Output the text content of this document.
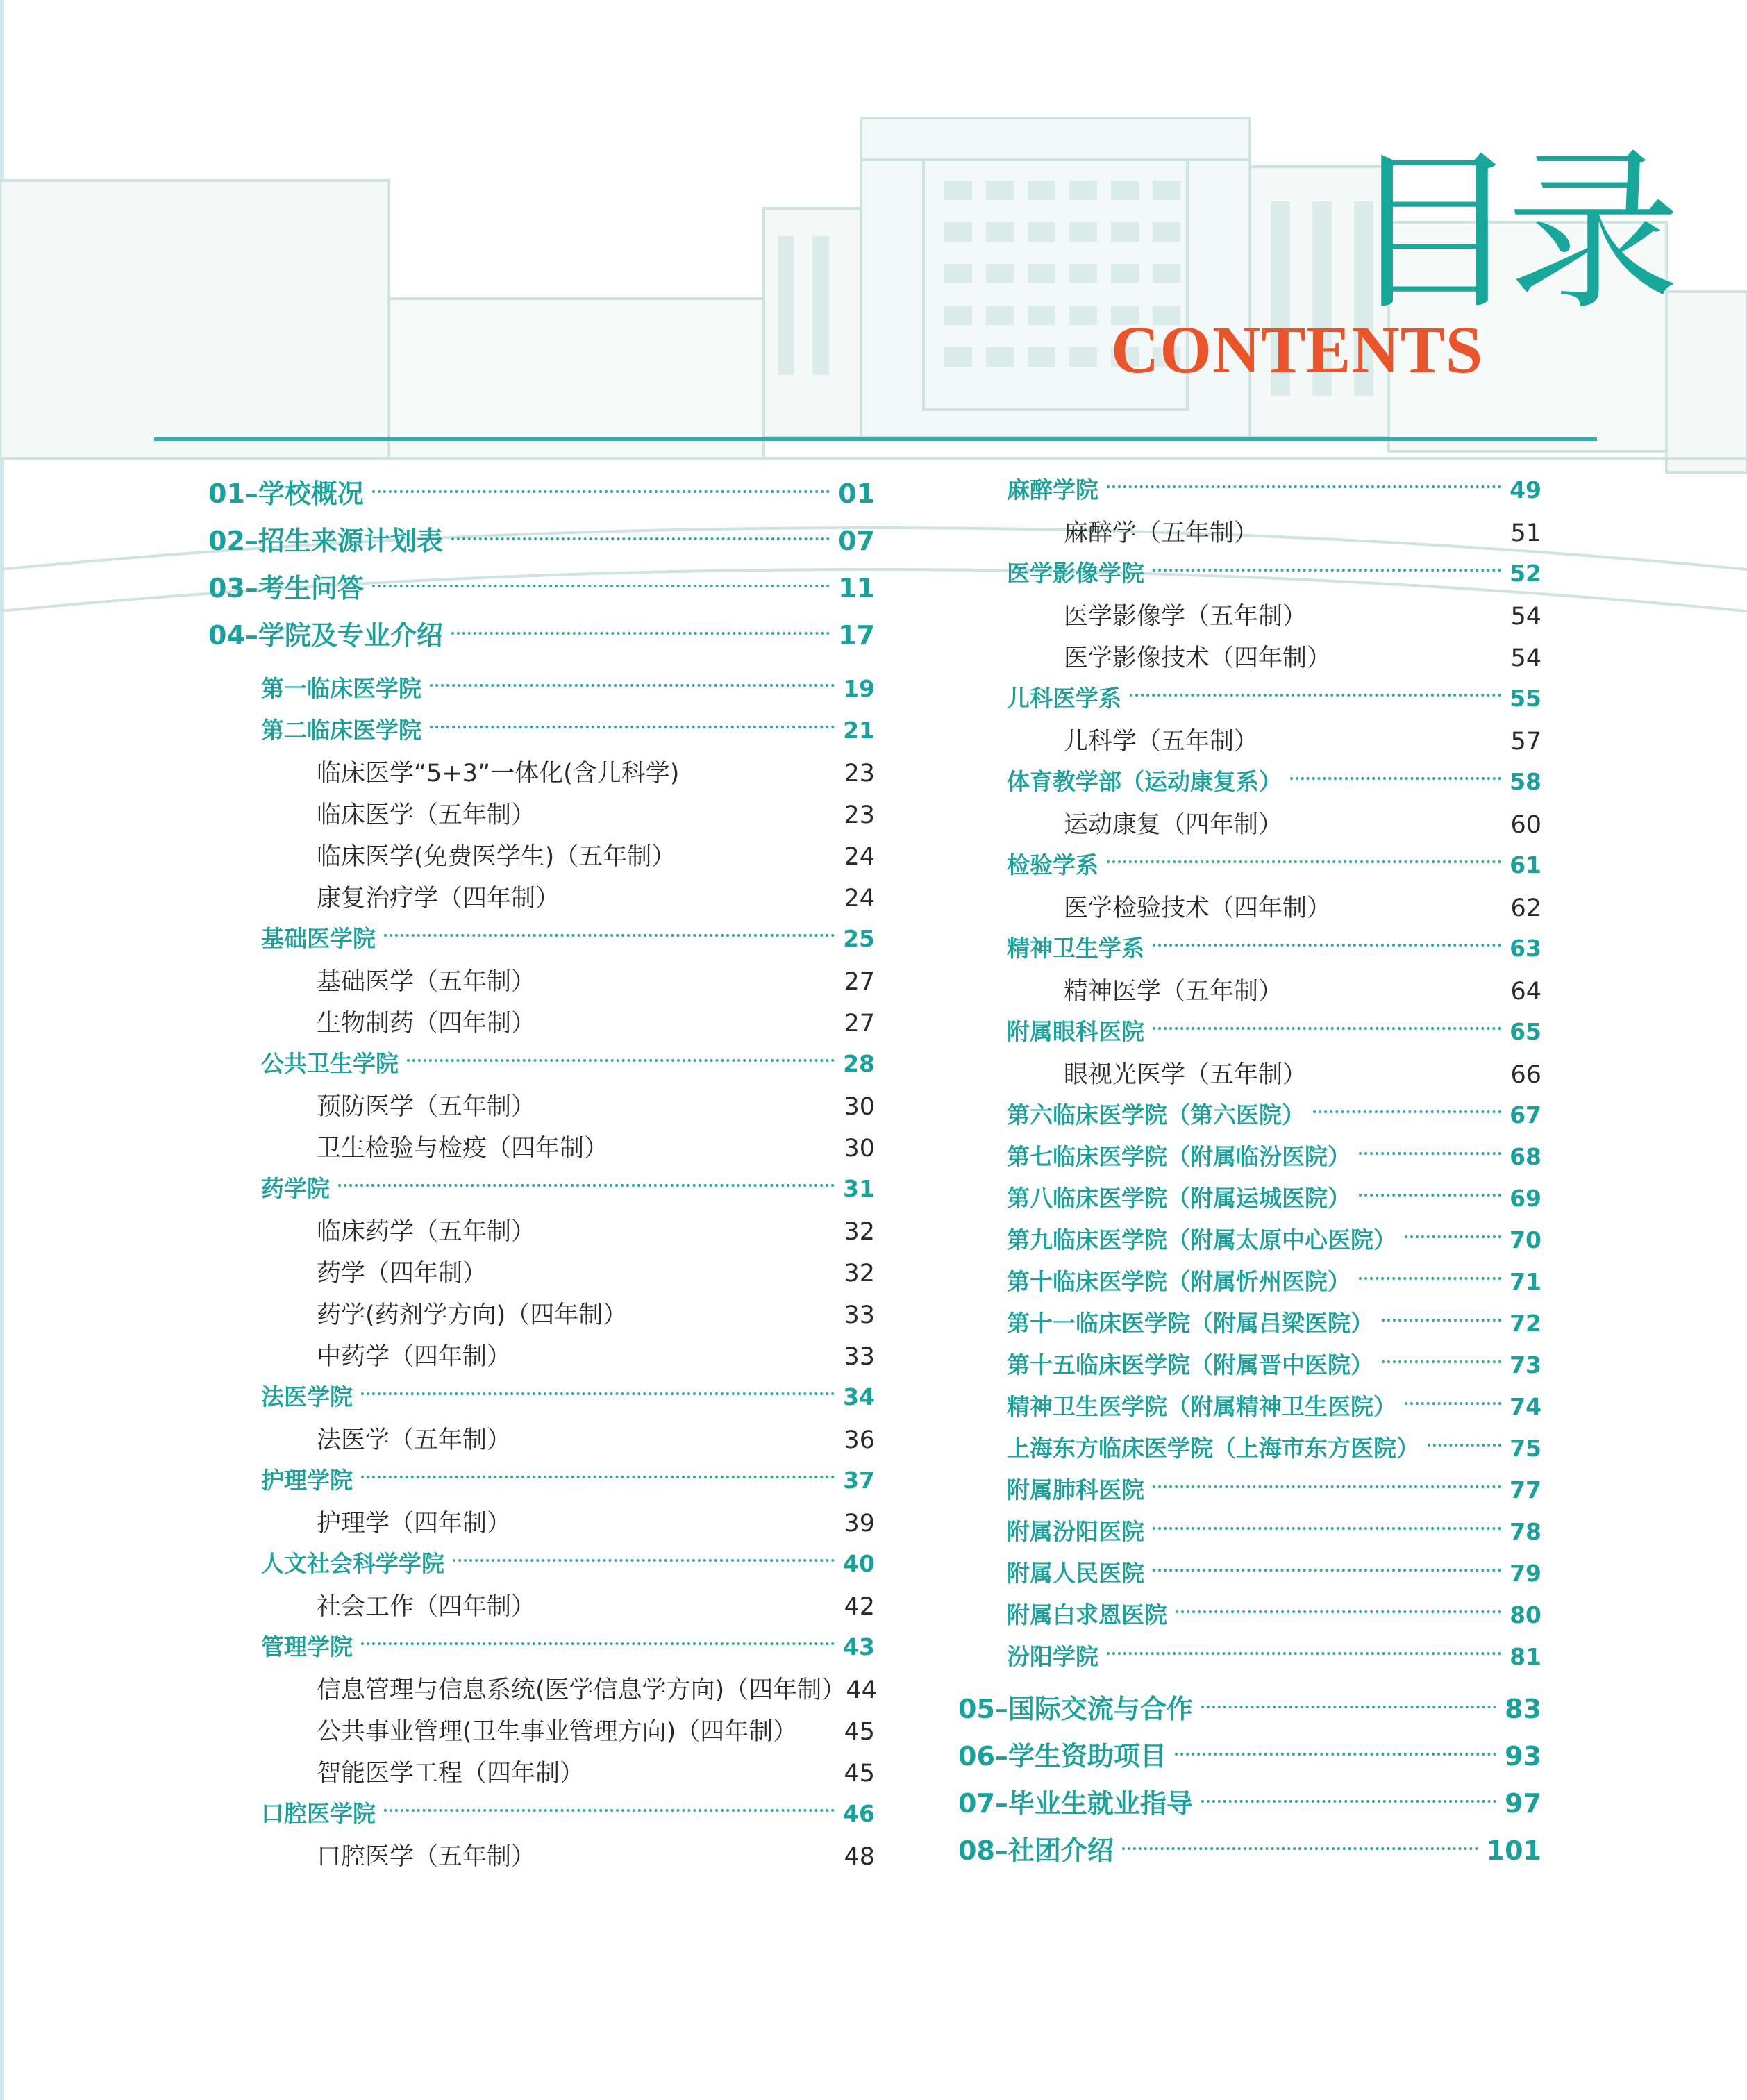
目录
CONTENTS
01–学校概况	01
02–招生来源计划表	07
03–考生问答	11
04–学院及专业介绍	17
第一临床医学院	19
第二临床医学院	21
临床医学“5+3”一体化(含儿科学)	23
临床医学（五年制）	23
临床医学(免费医学生)（五年制）	24
康复治疗学（四年制）	24
基础医学院	25
基础医学（五年制）	27
生物制药（四年制）	27
公共卫生学院	28
预防医学（五年制）	30
卫生检验与检疫（四年制）	30
药学院	31
临床药学（五年制）	32
药学（四年制）	32
药学(药剂学方向)（四年制）	33
中药学（四年制）	33
法医学院	34
法医学（五年制）	36
护理学院	37
护理学（四年制）	39
人文社会科学学院	40
社会工作（四年制）	42
管理学院	43
信息管理与信息系统(医学信息学方向)（四年制） 44
公共事业管理(卫生事业管理方向)（四年制） 45
智能医学工程（四年制）	45
口腔医学院	46
口腔医学（五年制）	48
麻醉学院	49
麻醉学（五年制）	51
医学影像学院	52
医学影像学（五年制）	54
医学影像技术（四年制）	54
儿科医学系	55
儿科学（五年制）	57
体育教学部（运动康复系）	58
运动康复（四年制）	60
检验学系	61
医学检验技术（四年制）	62
精神卫生学系	63
精神医学（五年制）	64
附属眼科医院	65
眼视光医学（五年制）	66
第六临床医学院（第六医院）	67
第七临床医学院（附属临汾医院）	68
第八临床医学院（附属运城医院）	69
第九临床医学院（附属太原中心医院）	70
第十临床医学院（附属忻州医院）	71
第十一临床医学院（附属吕梁医院）	72
第十五临床医学院（附属晋中医院）	73
精神卫生医学院（附属精神卫生医院）	74
上海东方临床医学院（上海市东方医院）	75
附属肺科医院	77
附属汾阳医院	78
附属人民医院	79
附属白求恩医院	80
汾阳学院	81
05–国际交流与合作	83
06–学生资助项目	93
07–毕业生就业指导	97
08–社团介绍	101
